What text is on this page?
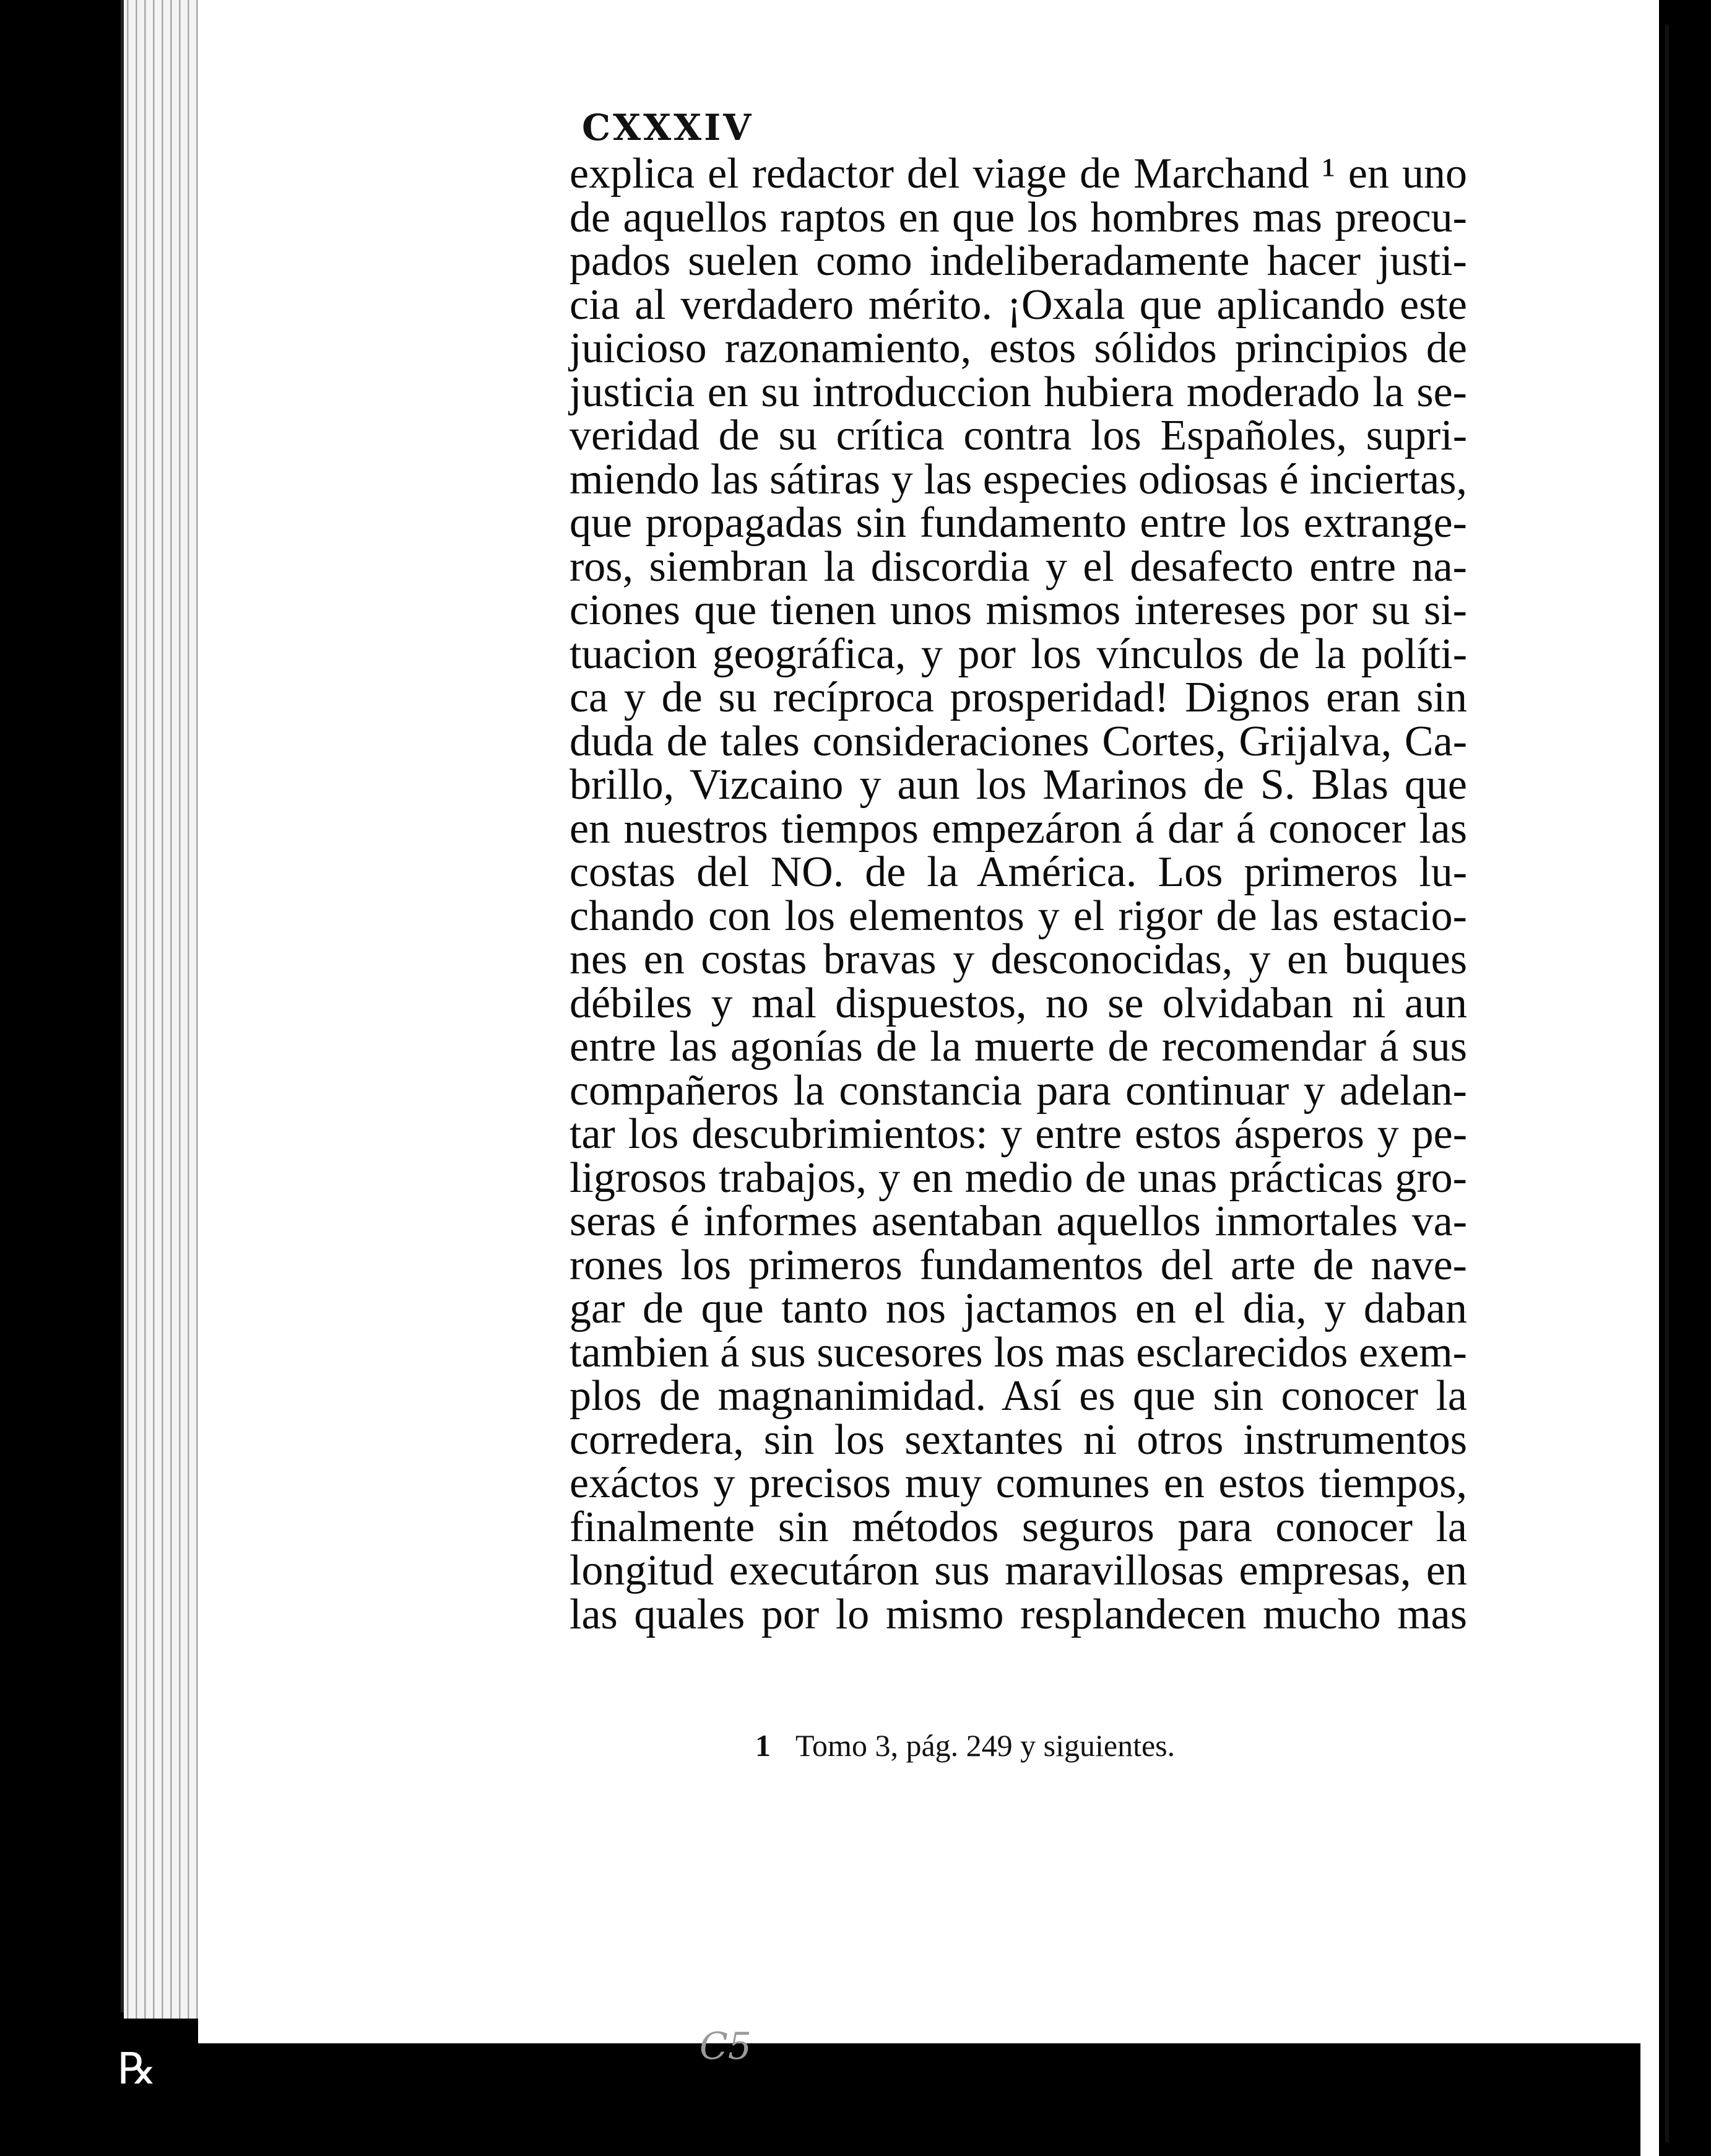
CXXXIV
explica el redactor del viage de Marchand ¹ en uno
de aquellos raptos en que los hombres mas preocu-
pados suelen como indeliberadamente hacer justi-
cia al verdadero mérito. ¡Oxala que aplicando este
juicioso razonamiento, estos sólidos principios de
justicia en su introduccion hubiera moderado la se-
veridad de su crítica contra los Españoles, supri-
miendo las sátiras y las especies odiosas é inciertas,
que propagadas sin fundamento entre los extrange-
ros, siembran la discordia y el desafecto entre na-
ciones que tienen unos mismos intereses por su si-
tuacion geográfica, y por los vínculos de la políti-
ca y de su recíproca prosperidad! Dignos eran sin
duda de tales consideraciones Cortes, Grijalva, Ca-
brillo, Vizcaino y aun los Marinos de S. Blas que
en nuestros tiempos empezáron á dar á conocer las
costas del NO. de la América. Los primeros lu-
chando con los elementos y el rigor de las estacio-
nes en costas bravas y desconocidas, y en buques
débiles y mal dispuestos, no se olvidaban ni aun
entre las agonías de la muerte de recomendar á sus
compañeros la constancia para continuar y adelan-
tar los descubrimientos: y entre estos ásperos y pe-
ligrosos trabajos, y en medio de unas prácticas gro-
seras é informes asentaban aquellos inmortales va-
rones los primeros fundamentos del arte de nave-
gar de que tanto nos jactamos en el dia, y daban
tambien á sus sucesores los mas esclarecidos exem-
plos de magnanimidad. Así es que sin conocer la
corredera, sin los sextantes ni otros instrumentos
exáctos y precisos muy comunes en estos tiempos,
finalmente sin métodos seguros para conocer la
longitud executáron sus maravillosas empresas, en
las quales por lo mismo resplandecen mucho mas
1 Tomo 3, pág. 249 y siguientes.
C5
℞
